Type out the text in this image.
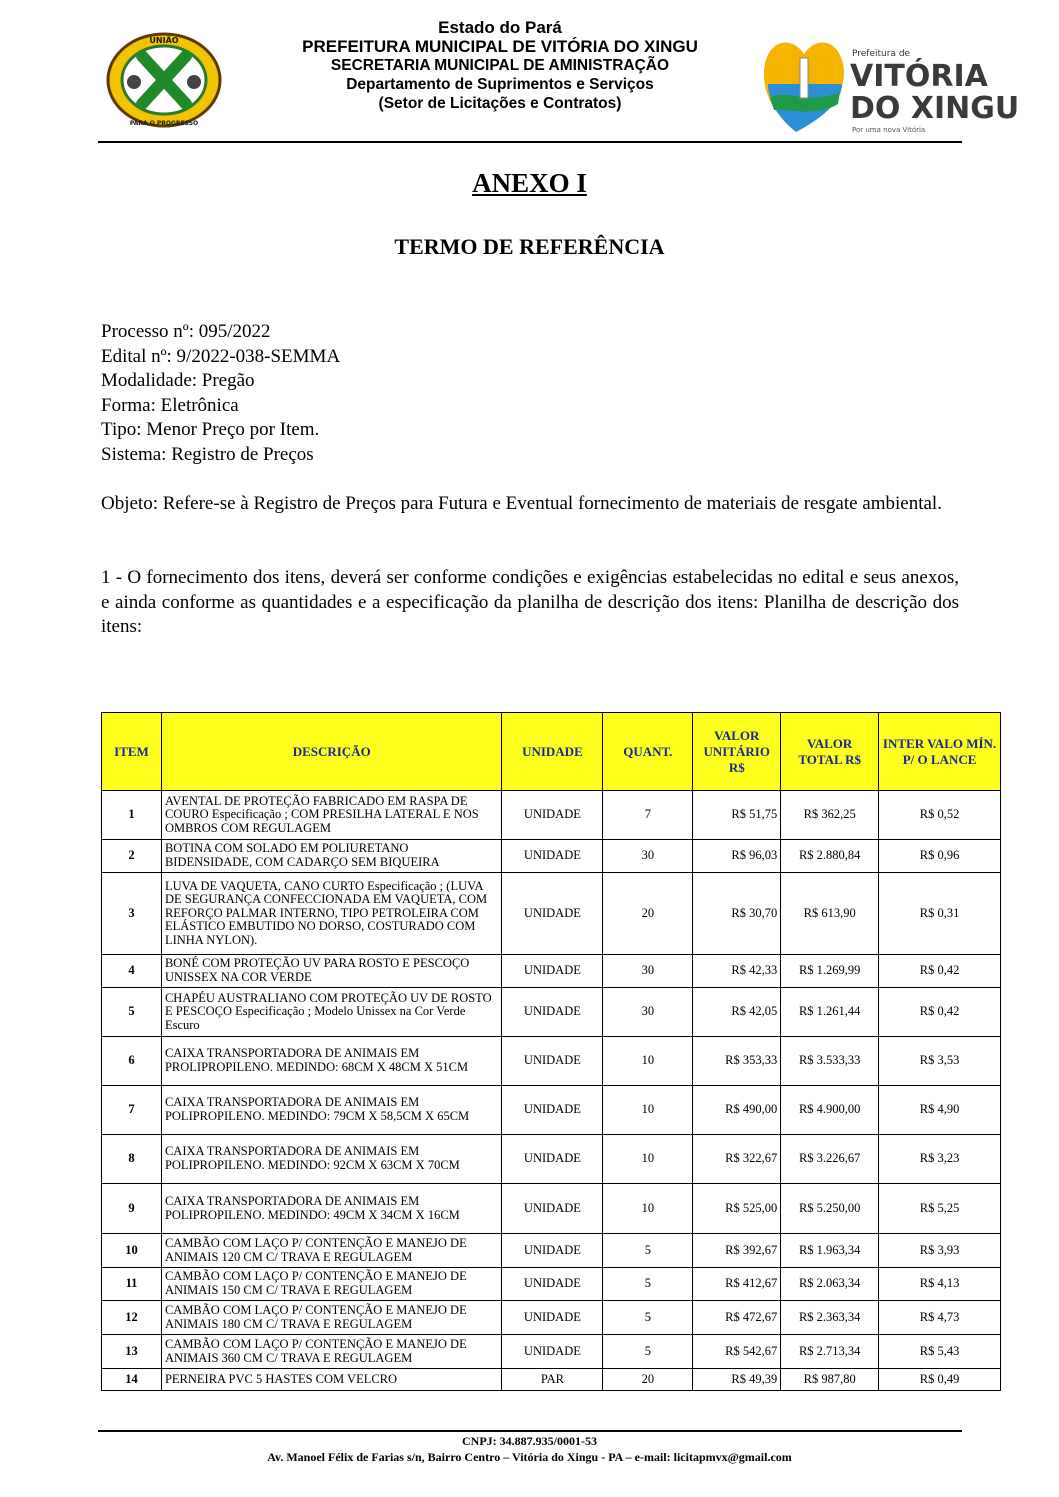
UNIÃO
PARA O PROGRESSO
Estado do Pará
PREFEITURA MUNICIPAL DE VITÓRIA DO XINGU
SECRETARIA MUNICIPAL DE AMINISTRAÇÃO
Departamento de Suprimentos e Serviços
(Setor de Licitações e Contratos)
Prefeitura de
VITÓRIA
DO XINGU
Por uma nova Vitória
ANEXO I
TERMO DE REFERÊNCIA
Processo nº: 095/2022
Edital nº: 9/2022-038-SEMMA
Modalidade: Pregão
Forma: Eletrônica
Tipo: Menor Preço por Item.
Sistema: Registro de Preços
Objeto: Refere-se à Registro de Preços para Futura e Eventual fornecimento de materiais de resgate ambiental.
1 - O fornecimento dos itens, deverá ser conforme condições e exigências estabelecidas no edital e seus anexos, e ainda conforme as quantidades e a especificação da planilha de descrição dos itens: Planilha de descrição dos itens:
ITEM	DESCRIÇÃO	UNIDADE	QUANT.	VALOR UNITÁRIO R$	VALOR TOTAL R$	INTER VALO MÍN. P/ O LANCE
1	AVENTAL DE PROTEÇÃO FABRICADO EM RASPA DE COURO Especificação ; COM PRESILHA LATERAL E NOS OMBROS COM REGULAGEM	UNIDADE	7	R$ 51,75	R$ 362,25	R$ 0,52
2	BOTINA COM SOLADO EM POLIURETANO BIDENSIDADE, COM CADARÇO SEM BIQUEIRA	UNIDADE	30	R$ 96,03	R$ 2.880,84	R$ 0,96
3	LUVA DE VAQUETA, CANO CURTO Especificação ; (LUVA DE SEGURANÇA CONFECCIONADA EM VAQUETA, COM REFORÇO PALMAR INTERNO, TIPO PETROLEIRA COM ELÁSTICO EMBUTIDO NO DORSO, COSTURADO COM LINHA NYLON).	UNIDADE	20	R$ 30,70	R$ 613,90	R$ 0,31
4	BONÉ COM PROTEÇÃO UV PARA ROSTO E PESCOÇO UNISSEX NA COR VERDE	UNIDADE	30	R$ 42,33	R$ 1.269,99	R$ 0,42
5	CHAPÉU AUSTRALIANO COM PROTEÇÃO UV DE ROSTO E PESCOÇO Especificação ; Modelo Unissex na Cor Verde Escuro	UNIDADE	30	R$ 42,05	R$ 1.261,44	R$ 0,42
6	CAIXA TRANSPORTADORA DE ANIMAIS EM PROLIPROPILENO. MEDINDO: 68CM X 48CM X 51CM	UNIDADE	10	R$ 353,33	R$ 3.533,33	R$ 3,53
7	CAIXA TRANSPORTADORA DE ANIMAIS EM POLIPROPILENO. MEDINDO: 79CM X 58,5CM X 65CM	UNIDADE	10	R$ 490,00	R$ 4.900,00	R$ 4,90
8	CAIXA TRANSPORTADORA DE ANIMAIS EM POLIPROPILENO. MEDINDO: 92CM X 63CM X 70CM	UNIDADE	10	R$ 322,67	R$ 3.226,67	R$ 3,23
9	CAIXA TRANSPORTADORA DE ANIMAIS EM POLIPROPILENO. MEDINDO: 49CM X 34CM X 16CM	UNIDADE	10	R$ 525,00	R$ 5.250,00	R$ 5,25
10	CAMBÃO COM LAÇO P/ CONTENÇÃO E MANEJO DE ANIMAIS 120 CM C/ TRAVA E REGULAGEM	UNIDADE	5	R$ 392,67	R$ 1.963,34	R$ 3,93
11	CAMBÃO COM LAÇO P/ CONTENÇÃO E MANEJO DE ANIMAIS 150 CM C/ TRAVA E REGULAGEM	UNIDADE	5	R$ 412,67	R$ 2.063,34	R$ 4,13
12	CAMBÃO COM LAÇO P/ CONTENÇÃO E MANEJO DE ANIMAIS 180 CM C/ TRAVA E REGULAGEM	UNIDADE	5	R$ 472,67	R$ 2.363,34	R$ 4,73
13	CAMBÃO COM LAÇO P/ CONTENÇÃO E MANEJO DE ANIMAIS 360 CM C/ TRAVA E REGULAGEM	UNIDADE	5	R$ 542,67	R$ 2.713,34	R$ 5,43
14	PERNEIRA PVC 5 HASTES COM VELCRO	PAR	20	R$ 49,39	R$ 987,80	R$ 0,49
CNPJ: 34.887.935/0001-53
Av. Manoel Félix de Farias s/n, Bairro Centro – Vitória do Xingu - PA – e-mail: licitapmvx@gmail.com
